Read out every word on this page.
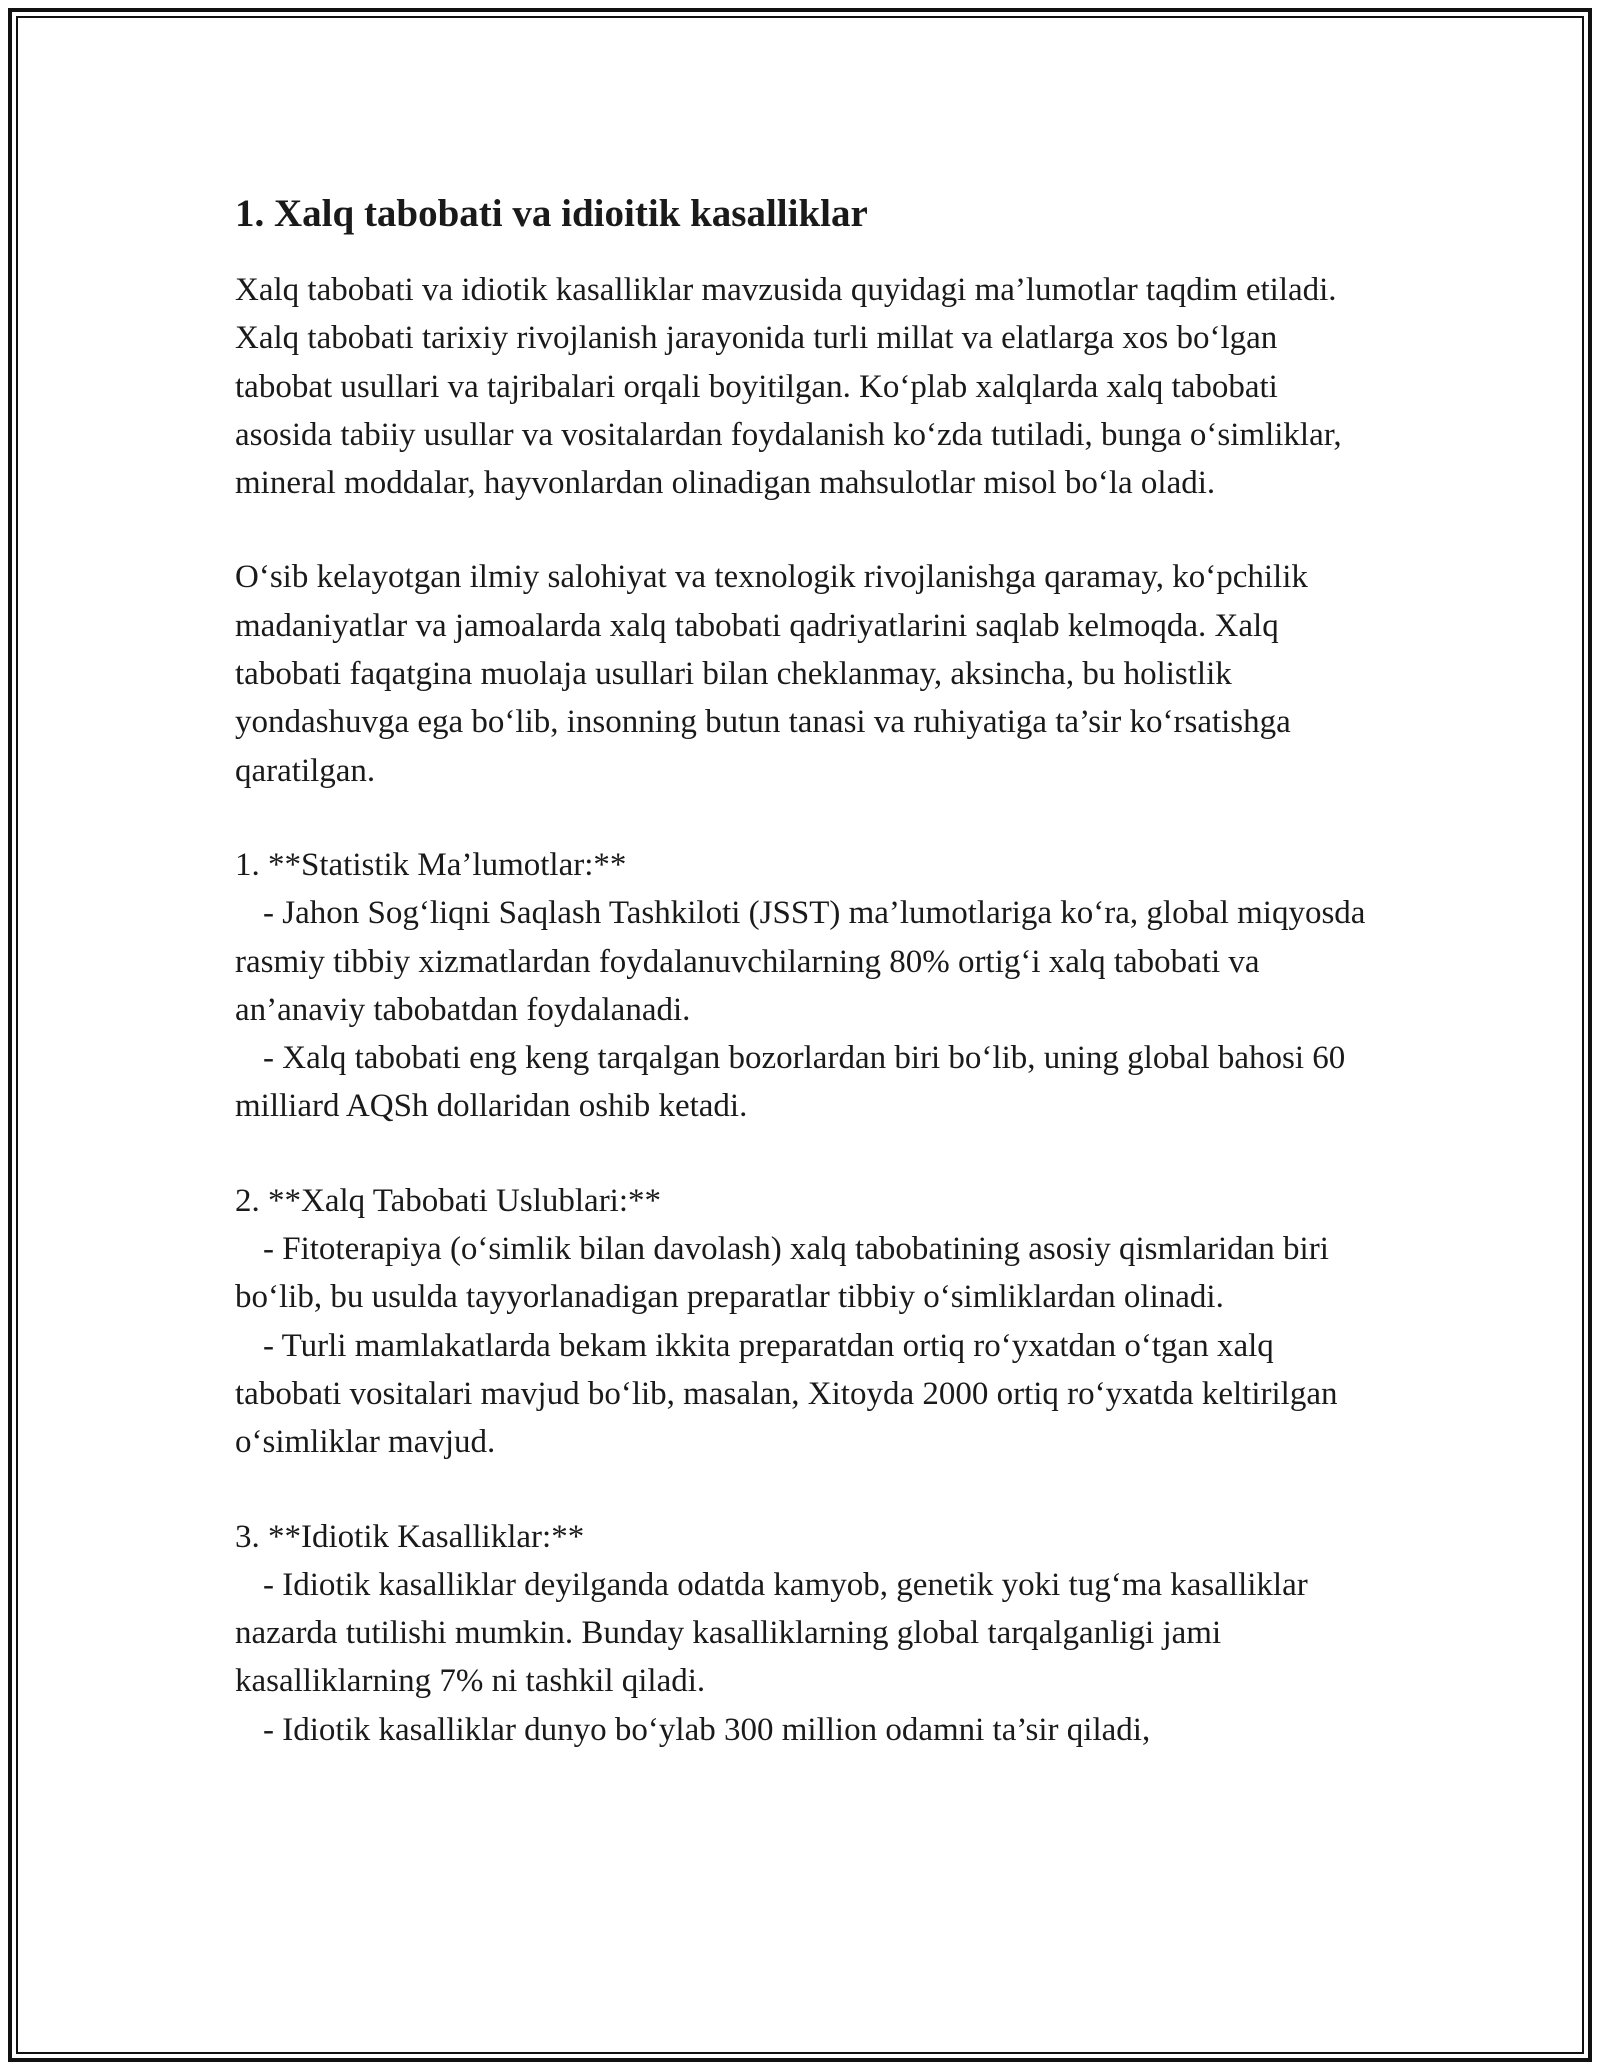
1. Xalq tabobati va idioitik kasalliklar

Xalq tabobati va idiotik kasalliklar mavzusida quyidagi ma’lumotlar taqdim etiladi. Xalq tabobati tarixiy rivojlanish jarayonida turli millat va elatlarga xos bo‘lgan tabobat usullari va tajribalari orqali boyitilgan. Ko‘plab xalqlarda xalq tabobati asosida tabiiy usullar va vositalardan foydalanish ko‘zda tutiladi, bunga o‘simliklar, mineral moddalar, hayvonlardan olinadigan mahsulotlar misol bo‘la oladi.

O‘sib kelayotgan ilmiy salohiyat va texnologik rivojlanishga qaramay, ko‘pchilik madaniyatlar va jamoalarda xalq tabobati qadriyatlarini saqlab kelmoqda. Xalq tabobati faqatgina muolaja usullari bilan cheklanmay, aksincha, bu holistlik yondashuvga ega bo‘lib, insonning butun tanasi va ruhiyatiga ta’sir ko‘rsatishga qaratilgan.

1. **Statistik Ma’lumotlar:**

- Jahon Sog‘liqni Saqlash Tashkiloti (JSST) ma’lumotlariga ko‘ra, global miqyosda rasmiy tibbiy xizmatlardan foydalanuvchilarning 80% ortig‘i xalq tabobati va an’anaviy tabobatdan foydalanadi.

- Xalq tabobati eng keng tarqalgan bozorlardan biri bo‘lib, uning global bahosi 60 milliard AQSh dollaridan oshib ketadi.

2. **Xalq Tabobati Uslublari:**

- Fitoterapiya (o‘simlik bilan davolash) xalq tabobatining asosiy qismlaridan biri bo‘lib, bu usulda tayyorlanadigan preparatlar tibbiy o‘simliklardan olinadi.

- Turli mamlakatlarda bekam ikkita preparatdan ortiq ro‘yxatdan o‘tgan xalq tabobati vositalari mavjud bo‘lib, masalan, Xitoyda 2000 ortiq ro‘yxatda keltirilgan o‘simliklar mavjud.

3. **Idiotik Kasalliklar:**

- Idiotik kasalliklar deyilganda odatda kamyob, genetik yoki tug‘ma kasalliklar nazarda tutilishi mumkin. Bunday kasalliklarning global tarqalganligi jami kasalliklarning 7% ni tashkil qiladi.

- Idiotik kasalliklar dunyo bo‘ylab 300 million odamni ta’sir qiladi,
